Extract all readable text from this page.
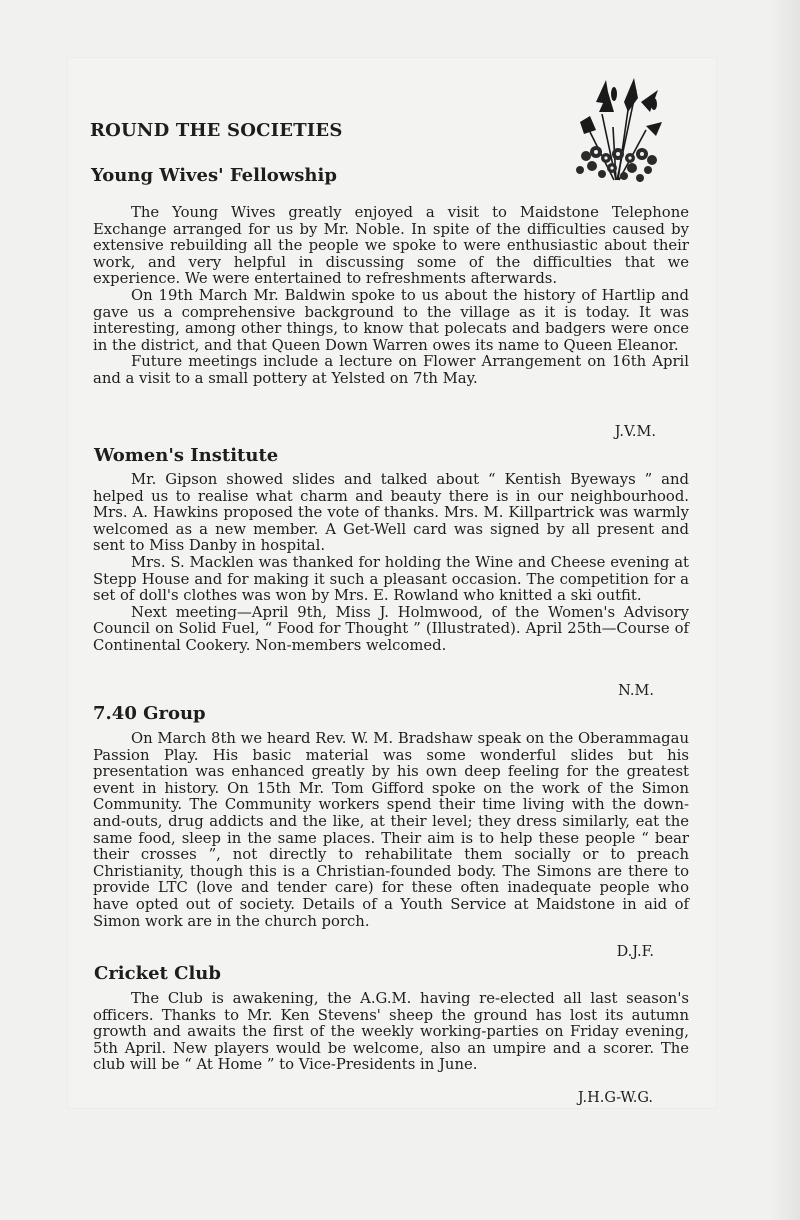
ROUND THE SOCIETIES
Young Wives' Fellowship

The Young Wives greatly enjoyed a visit to Maidstone Telephone Exchange arranged for us by Mr. Noble. In spite of the difficulties caused by extensive rebuilding all the people we spoke to were enthusiastic about their work, and very helpful in discussing some of the difficulties that we experience. We were entertained to refreshments afterwards.

On 19th March Mr. Baldwin spoke to us about the history of Hartlip and gave us a comprehensive background to the village as it is today. It was interesting, among other things, to know that polecats and badgers were once in the district, and that Queen Down Warren owes its name to Queen Eleanor.

Future meetings include a lecture on Flower Arrangement on 16th April and a visit to a small pottery at Yelsted on 7th May.

J.V.M.
Women's Institute

Mr. Gipson showed slides and talked about “ Kentish Byeways ” and helped us to realise what charm and beauty there is in our neighbourhood. Mrs. A. Hawkins proposed the vote of thanks. Mrs. M. Killpartrick was warmly welcomed as a new member. A Get-Well card was signed by all present and sent to Miss Danby in hospital.

Mrs. S. Macklen was thanked for holding the Wine and Cheese evening at Stepp House and for making it such a pleasant occasion. The competition for a set of doll's clothes was won by Mrs. E. Rowland who knitted a ski outfit.

Next meeting—April 9th, Miss J. Holmwood, of the Women's Advisory Council on Solid Fuel, “ Food for Thought ” (Illustrated). April 25th—Course of Continental Cookery. Non-members welcomed.

N.M.
7.40 Group

On March 8th we heard Rev. W. M. Bradshaw speak on the Oberammagau Passion Play. His basic material was some wonderful slides but his presentation was enhanced greatly by his own deep feeling for the greatest event in history. On 15th Mr. Tom Gifford spoke on the work of the Simon Community. The Community workers spend their time living with the down-and-outs, drug addicts and the like, at their level; they dress similarly, eat the same food, sleep in the same places. Their aim is to help these people “ bear their crosses ”, not directly to rehabilitate them socially or to preach Christianity, though this is a Christian-founded body. The Simons are there to provide LTC (love and tender care) for these often inadequate people who have opted out of society. Details of a Youth Service at Maidstone in aid of Simon work are in the church porch.

D.J.F.
Cricket Club

The Club is awakening, the A.G.M. having re-elected all last season's officers. Thanks to Mr. Ken Stevens' sheep the ground has lost its autumn growth and awaits the first of the weekly working-parties on Friday evening, 5th April. New players would be welcome, also an umpire and a scorer. The club will be “ At Home ” to Vice-Presidents in June.

J.H.G-W.G.
